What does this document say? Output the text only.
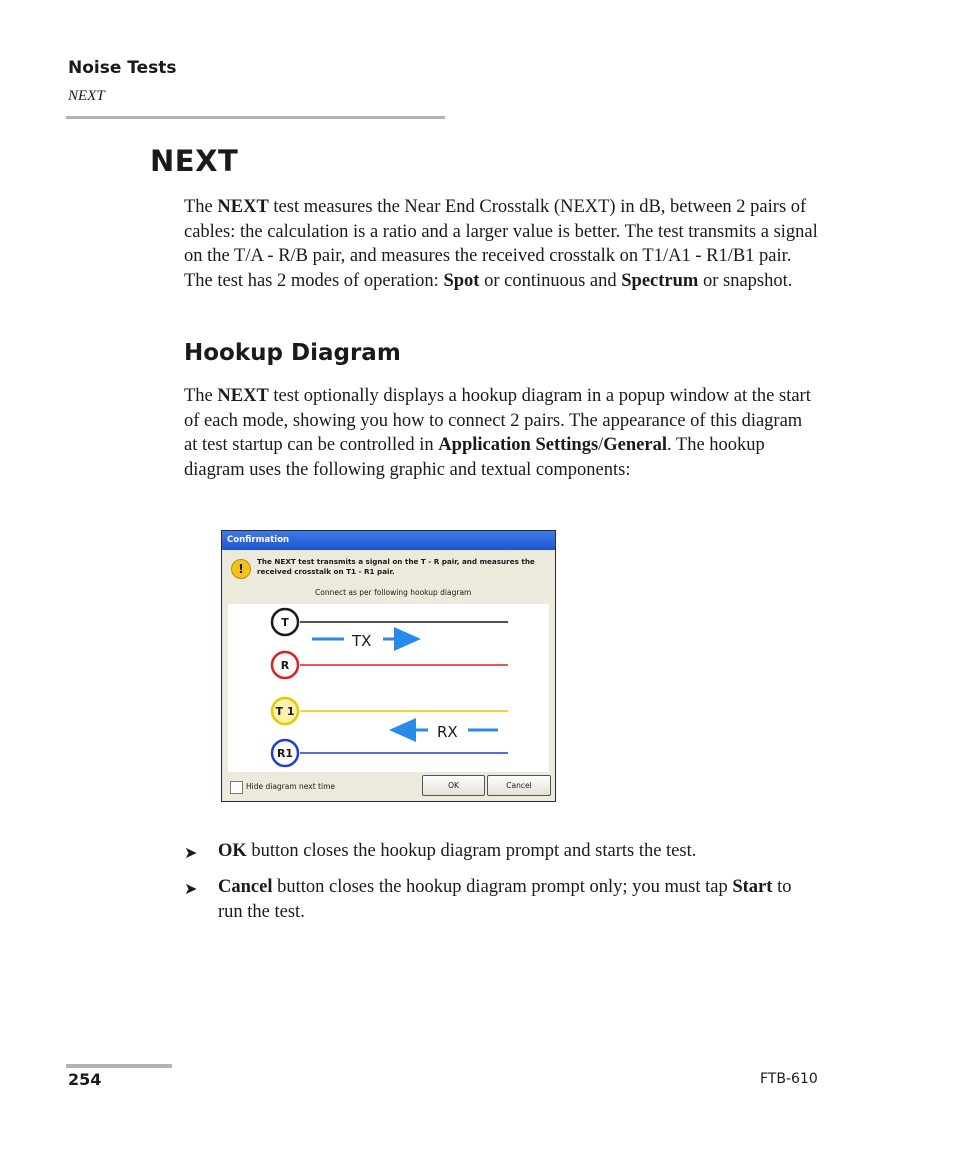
Noise Tests
NEXT
NEXT
The NEXT test measures the Near End Crosstalk (NEXT) in dB, between 2 pairs of cables: the calculation is a ratio and a larger value is better. The test transmits a signal on the T/A - R/B pair, and measures the received crosstalk on T1/A1 - R1/B1 pair. The test has 2 modes of operation: Spot or continuous and Spectrum or snapshot.
Hookup Diagram
The NEXT test optionally displays a hookup diagram in a popup window at the start of each mode, showing you how to connect 2 pairs. The appearance of this diagram at test startup can be controlled in Application Settings/General. The hookup diagram uses the following graphic and textual components:
Confirmation
!
The NEXT test transmits a signal on the T - R pair, and measures the received crosstalk on T1 - R1 pair.
Connect as per following hookup diagram
T
R
T 1
R1
TX
RX
Hide diagram next time	OK	Cancel
➤ OK button closes the hookup diagram prompt and starts the test.
➤ Cancel button closes the hookup diagram prompt only; you must tap Start to run the test.
254	FTB-610
